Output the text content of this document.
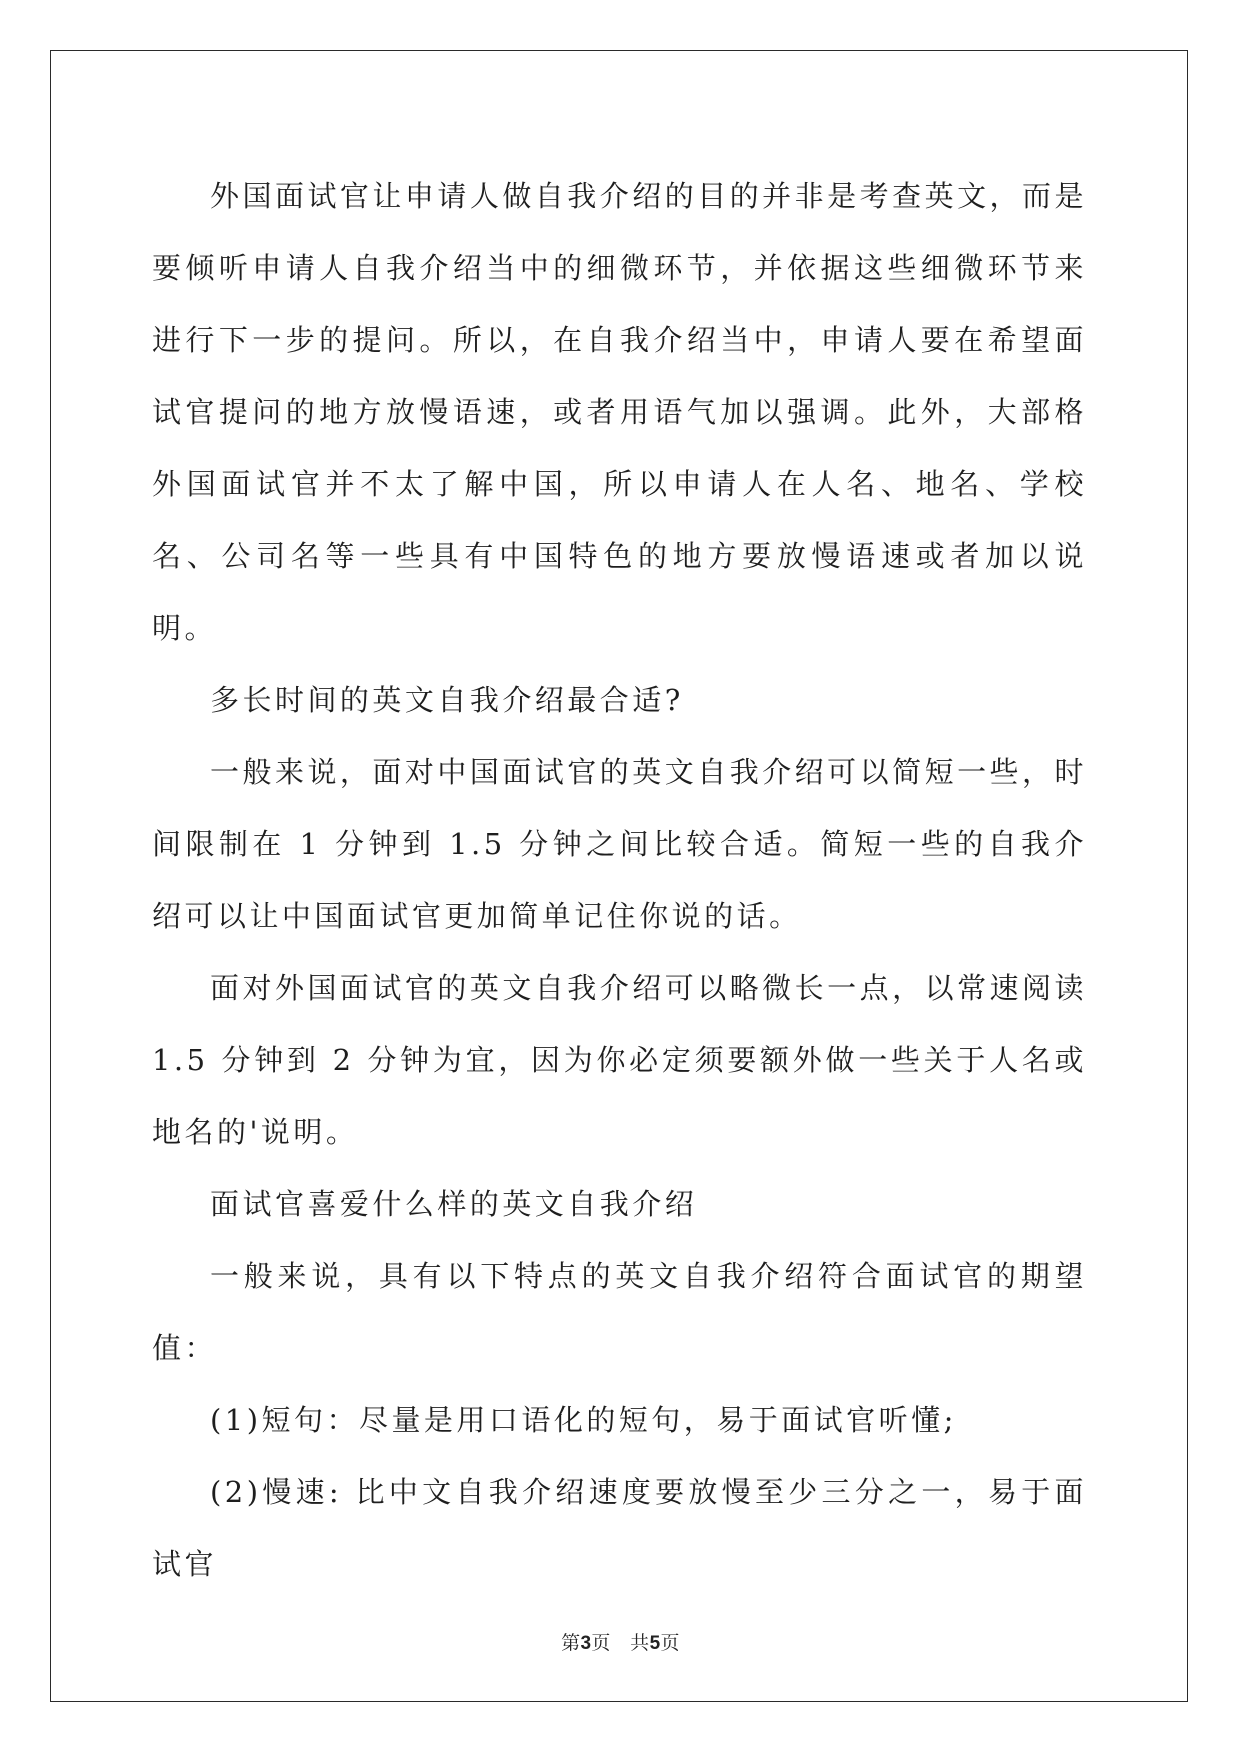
外国面试官让申请人做自我介绍的目的并非是考查英文，而是要倾听申请人自我介绍当中的细微环节，并依据这些细微环节来进行下一步的提问。所以，在自我介绍当中，申请人要在希望面试官提问的地方放慢语速，或者用语气加以强调。此外，大部格外国面试官并不太了解中国，所以申请人在人名、地名、学校名、公司名等一些具有中国特色的地方要放慢语速或者加以说明。

多长时间的英文自我介绍最合适?

一般来说，面对中国面试官的英文自我介绍可以简短一些，时间限制在 1 分钟到 1.5 分钟之间比较合适。简短一些的自我介绍可以让中国面试官更加简单记住你说的话。

面对外国面试官的英文自我介绍可以略微长一点，以常速阅读 1.5 分钟到 2 分钟为宜，因为你必定须要额外做一些关于人名或地名的'说明。

面试官喜爱什么样的英文自我介绍

一般来说，具有以下特点的英文自我介绍符合面试官的期望值：

(1)短句：尽量是用口语化的短句，易于面试官听懂;

(2)慢速: 比中文自我介绍速度要放慢至少三分之一，易于面试官

第3页　共5页
